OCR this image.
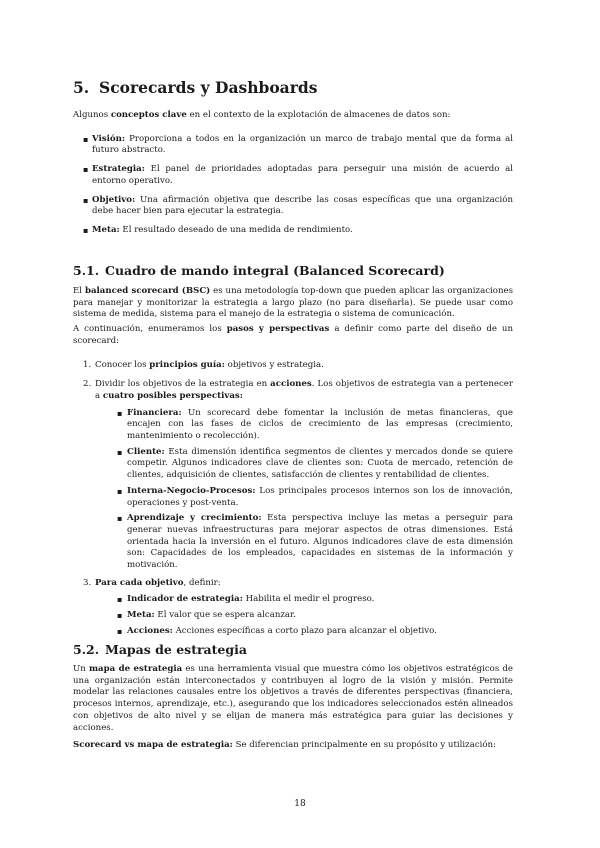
5. Scorecards y Dashboards

Algunos conceptos clave en el contexto de la explotación de almacenes de datos son:

▪ Visión: Proporciona a todos en la organización un marco de trabajo mental que da forma al futuro abstracto.
▪ Estrategia: El panel de prioridades adoptadas para perseguir una misión de acuerdo al entorno operativo.
▪ Objetivo: Una afirmación objetiva que describe las cosas específicas que una organización debe hacer bien para ejecutar la estrategia.
▪ Meta: El resultado deseado de una medida de rendimiento.
5.1. Cuadro de mando integral (Balanced Scorecard)

El balanced scorecard (BSC) es una metodología top-down que pueden aplicar las organizaciones para manejar y monitorizar la estrategia a largo plazo (no para diseñarla). Se puede usar como sistema de medida, sistema para el manejo de la estrategia o sistema de comunicación.

A continuación, enumeramos los pasos y perspectivas a definir como parte del diseño de un scorecard:

1. Conocer los principios guía: objetivos y estrategia.
2. Dividir los objetivos de la estrategia en acciones. Los objetivos de estrategia van a pertenecer a cuatro posibles perspectivas:
▪ Financiera: Un scorecard debe fomentar la inclusión de metas financieras, que encajen con las fases de ciclos de crecimiento de las empresas (crecimiento, mantenimiento o recolección).
▪ Cliente: Esta dimensión identifica segmentos de clientes y mercados donde se quiere competir. Algunos indicadores clave de clientes son: Cuota de mercado, retención de clientes, adquisición de clientes, satisfacción de clientes y rentabilidad de clientes.
▪ Interna-Negocio-Procesos: Los principales procesos internos son los de innovación, operaciones y post-venta.
▪ Aprendizaje y crecimiento: Esta perspectiva incluye las metas a perseguir para generar nuevas infraestructuras para mejorar aspectos de otras dimensiones. Está orientada hacia la inversión en el futuro. Algunos indicadores clave de esta dimensión son: Capacidades de los empleados, capacidades en sistemas de la información y motivación.
3. Para cada objetivo, definir:
▪ Indicador de estrategia: Habilita el medir el progreso.
▪ Meta: El valor que se espera alcanzar.
▪ Acciones: Acciones específicas a corto plazo para alcanzar el objetivo.
5.2. Mapas de estrategia

Un mapa de estrategia es una herramienta visual que muestra cómo los objetivos estratégicos de una organización están interconectados y contribuyen al logro de la visión y misión. Permite modelar las relaciones causales entre los objetivos a través de diferentes perspectivas (financiera, procesos internos, aprendizaje, etc.), asegurando que los indicadores seleccionados estén alineados con objetivos de alto nivel y se elijan de manera más estratégica para guiar las decisiones y acciones.

Scorecard vs mapa de estrategia: Se diferencian principalmente en su propósito y utilización:

18
